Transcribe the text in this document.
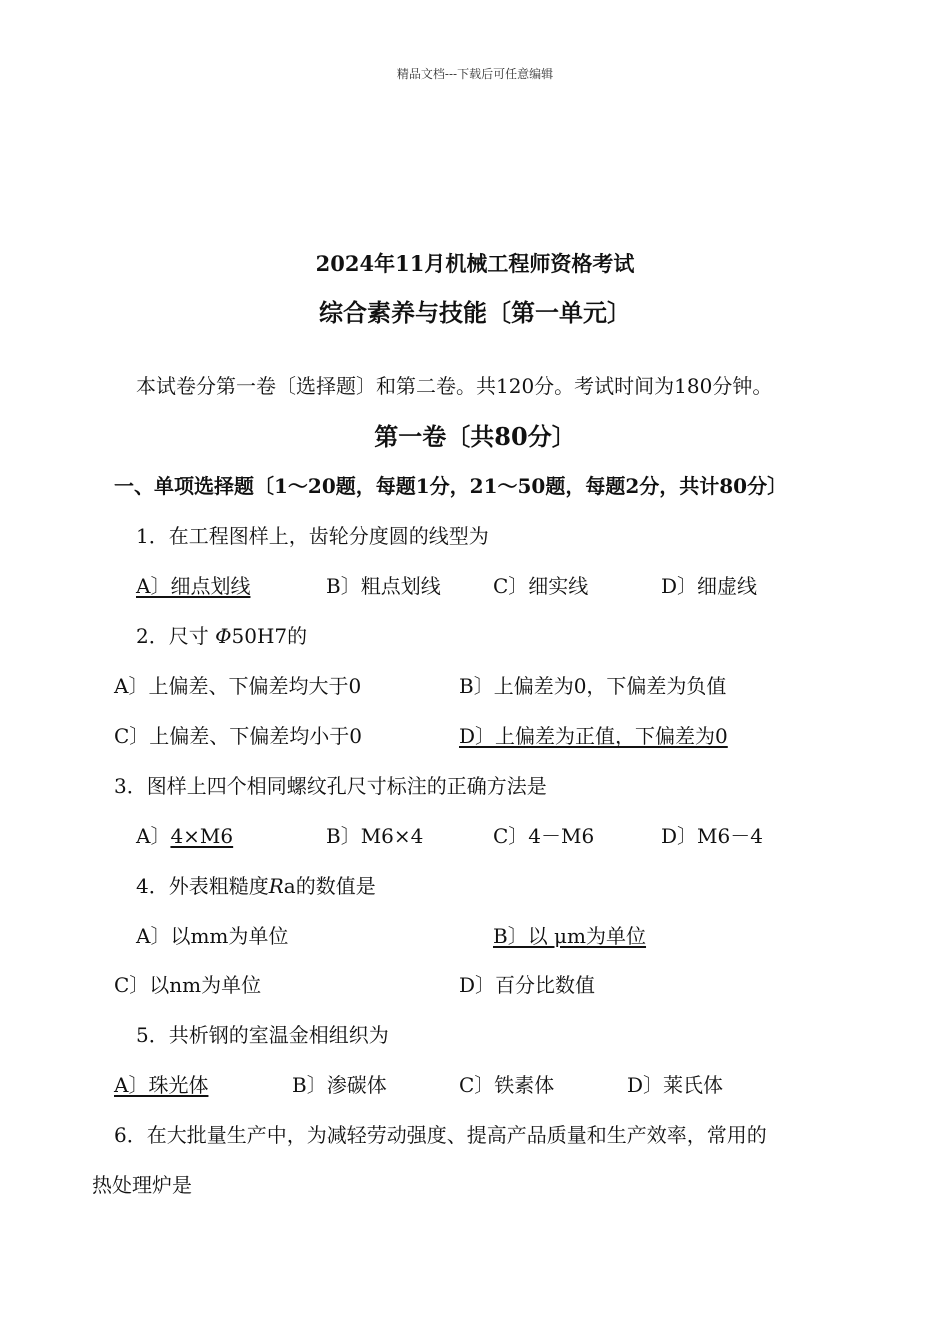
精品文档---下载后可任意编辑
2024年11月机械工程师资格考试
综合素养与技能〔第一单元〕
本试卷分第一卷〔选择题〕和第二卷。共120分。考试时间为180分钟。
第一卷〔共80分〕
一、单项选择题〔1～20题，每题1分，21～50题，每题2分，共计80分〕
1．在工程图样上，齿轮分度圆的线型为
A〕细点划线	B〕粗点划线	C〕细实线	D〕细虚线
2．尺寸 Φ50H7的
A〕上偏差、下偏差均大于0	B〕上偏差为0，下偏差为负值
C〕上偏差、下偏差均小于0	D〕上偏差为正值，下偏差为0
3．图样上四个相同螺纹孔尺寸标注的正确方法是
A〕4×M6	B〕M6×4	C〕4－M6	D〕M6－4
4．外表粗糙度Ra的数值是
A〕以mm为单位	B〕以 μm为单位
C〕以nm为单位	D〕百分比数值
5．共析钢的室温金相组织为
A〕珠光体	B〕渗碳体	C〕铁素体	D〕莱氏体
6．在大批量生产中，为减轻劳动强度、提高产品质量和生产效率，常用的
热处理炉是
